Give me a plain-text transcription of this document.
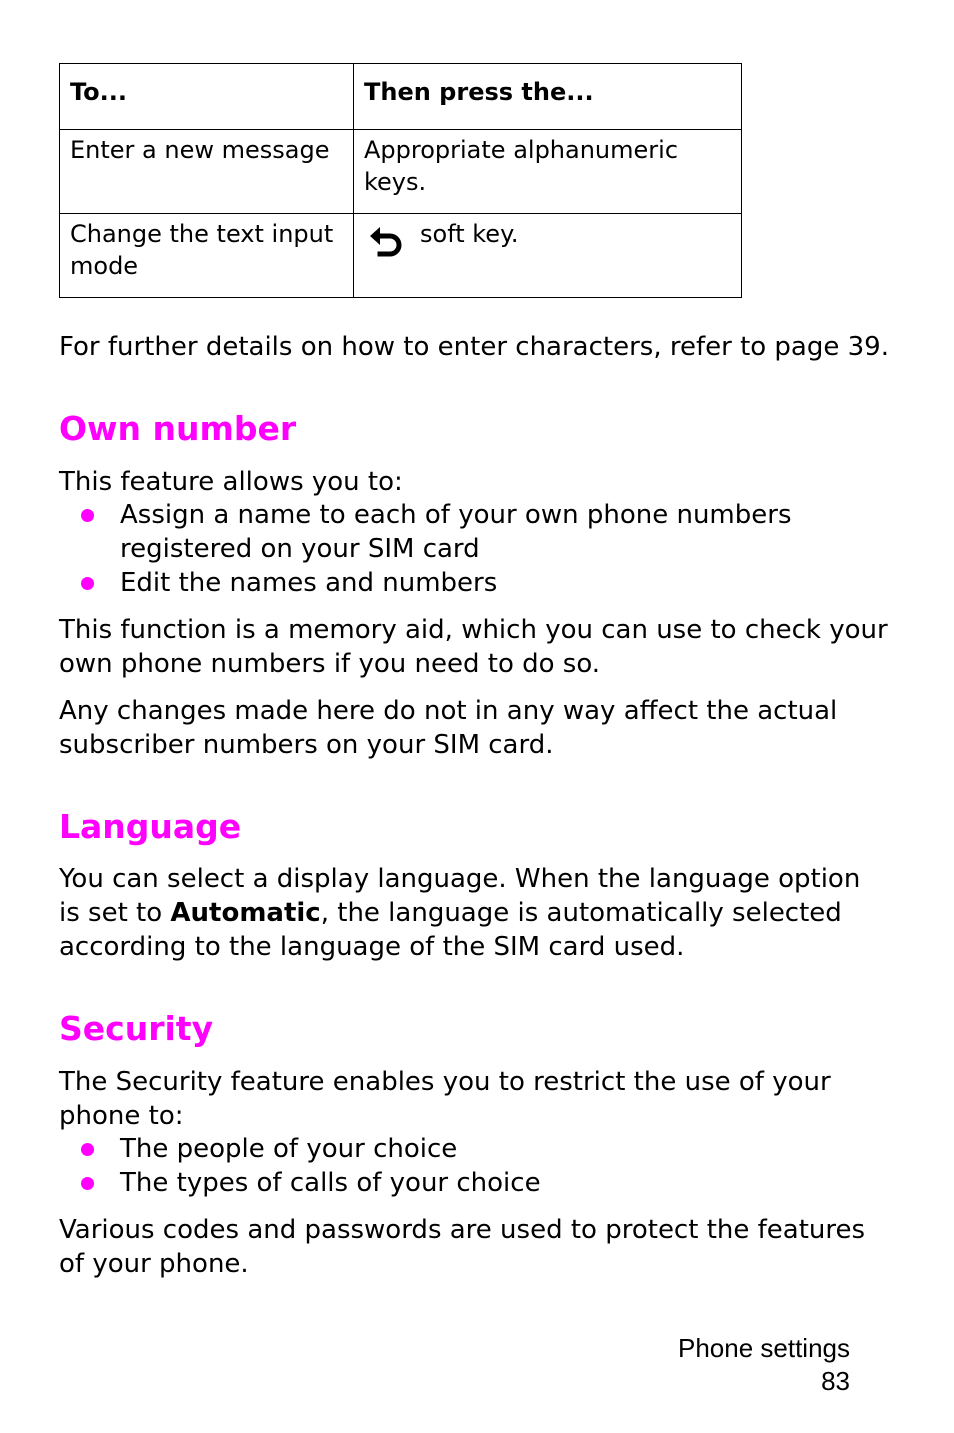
To...	Then press the...
Enter a new message	Appropriate alphanumeric keys.
Change the text input mode	soft key.

For further details on how to enter characters, refer to page 39.

Own number

This feature allows you to:

Assign a name to each of your own phone numbers registered on your SIM card
Edit the names and numbers

This function is a memory aid, which you can use to check your own phone numbers if you need to do so.

Any changes made here do not in any way affect the actual subscriber numbers on your SIM card.

Language

You can select a display language. When the language option is set to Automatic, the language is automatically selected according to the language of the SIM card used.

Security

The Security feature enables you to restrict the use of your phone to:

The people of your choice
The types of calls of your choice

Various codes and passwords are used to protect the features of your phone.

Phone settings
83
